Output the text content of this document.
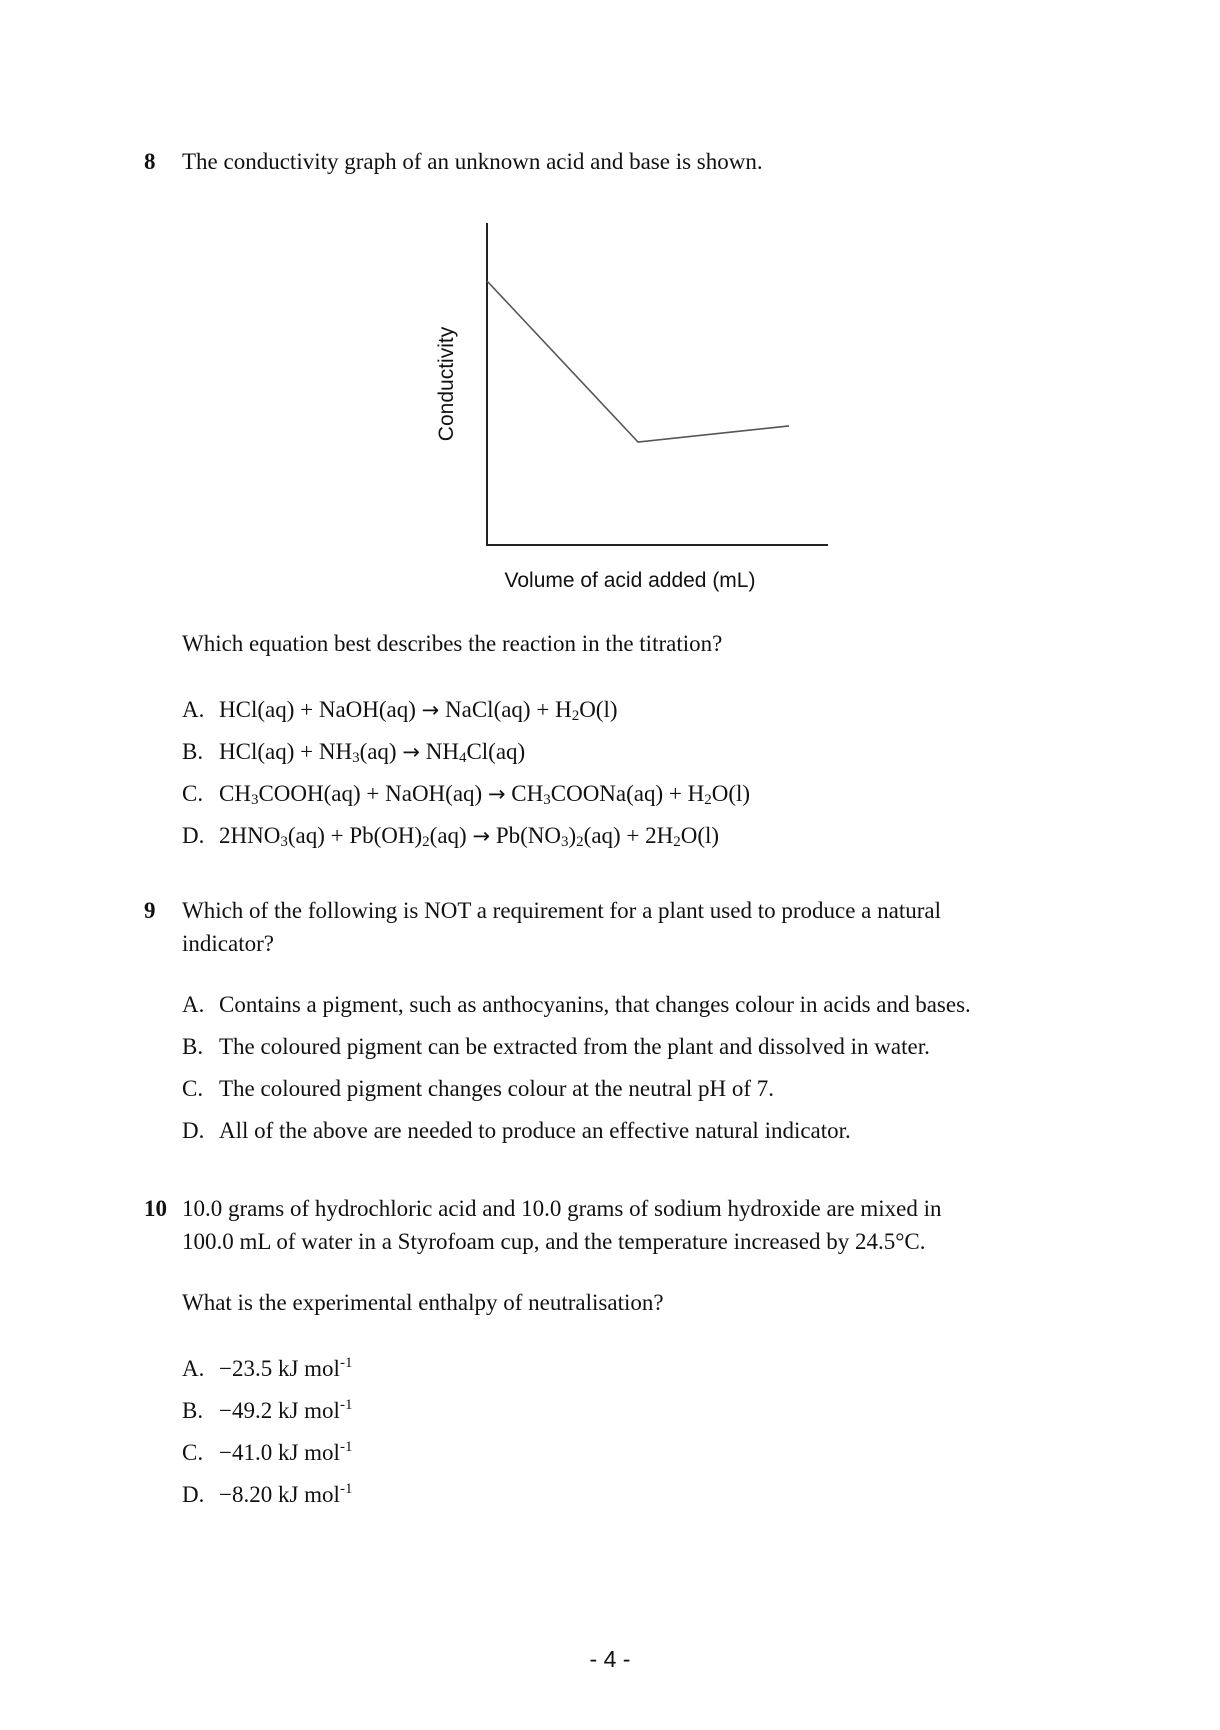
8 The conductivity graph of an unknown acid and base is shown.
Conductivity
Volume of acid added (mL)
Which equation best describes the reaction in the titration?
A. HCl(aq) + NaOH(aq) → NaCl(aq) + $H_2O(l)$
B. $HCl(aq) + NH_3(aq) \to NH_4Cl(aq)$
C. $CH_3COOH(aq)$ + NaOH(aq) → $CH_3COONa(aq) + H_2O(l)$
D. $2HNO_3(aq) + Pb(OH)_2(aq) \to Pb(NO_3)_2(aq) + 2H_2O(l)$
9 Which of the following is NOT a requirement for a plant used to produce a natural
indicator?
A. Contains a pigment, such as anthocyanins, that changes colour in acids and bases.
B. The coloured pigment can be extracted from the plant and dissolved in water.
C. The coloured pigment changes colour at the neutral pH of 7.
D. All of the above are needed to produce an effective natural indicator.
10 10.0 grams of hydrochloric acid and 10.0 grams of sodium hydroxide are mixed in
100.0 mL of water in a Styrofoam cup, and the temperature increased by 24.5°C.
What is the experimental enthalpy of neutralisation?
A. −23.5 kJ mol$^{-1}$
B. −49.2 kJ mol$^{-1}$
C. −41.0 kJ mol$^{-1}$
D. −8.20 kJ mol$^{-1}$
- 4 -
